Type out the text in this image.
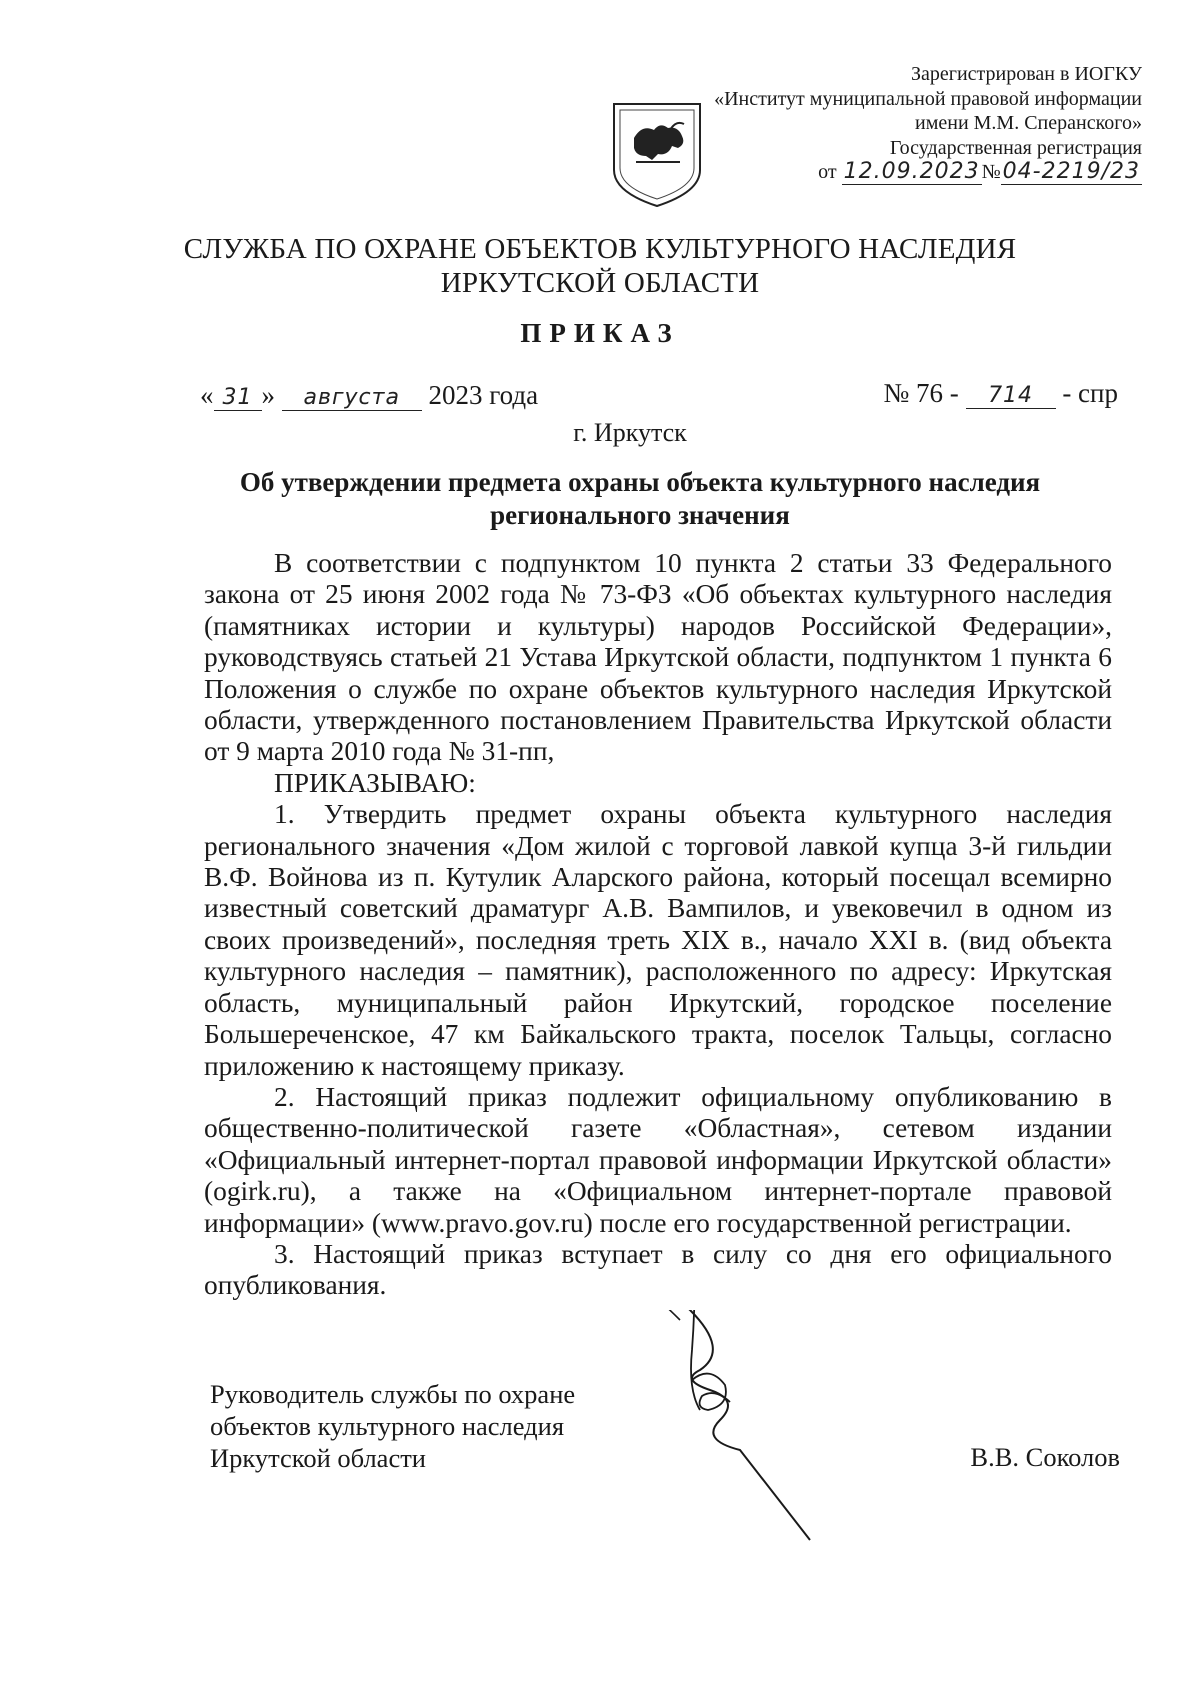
Зарегистрирован в ИОГКУ
«Институт муниципальной правовой информации
имени М.М. Сперанского»
Государственная регистрация
от 12.09.2023 №04-2219/23
СЛУЖБА ПО ОХРАНЕ ОБЪЕКТОВ КУЛЬТУРНОГО НАСЛЕДИЯ
ИРКУТСКОЙ ОБЛАСТИ
ПРИКАЗ
« 31 » августа 2023 года	№ 76 - 714 - спр
г. Иркутск
Об утверждении предмета охраны объекта культурного наследия
регионального значения

В соответствии с подпунктом 10 пункта 2 статьи 33 Федерального закона от 25 июня 2002 года № 73-ФЗ «Об объектах культурного наследия (памятниках истории и культуры) народов Российской Федерации», руководствуясь статьей 21 Устава Иркутской области, подпунктом 1 пункта 6 Положения о службе по охране объектов культурного наследия Иркутской области, утвержденного постановлением Правительства Иркутской области от 9 марта 2010 года № 31-пп,

ПРИКАЗЫВАЮ:

1. Утвердить предмет охраны объекта культурного наследия регионального значения «Дом жилой с торговой лавкой купца 3-й гильдии В.Ф. Войнова из п. Кутулик Аларского района, который посещал всемирно известный советский драматург А.В. Вампилов, и увековечил в одном из своих произведений», последняя треть XIX в., начало XXI в. (вид объекта культурного наследия – памятник), расположенного по адресу: Иркутская область, муниципальный район Иркутский, городское поселение Большереченское, 47 км Байкальского тракта, поселок Тальцы, согласно приложению к настоящему приказу.

2. Настоящий приказ подлежит официальному опубликованию в общественно-политической газете «Областная», сетевом издании «Официальный интернет-портал правовой информации Иркутской области» (ogirk.ru), а также на «Официальном интернет-портале правовой информации» (www.pravo.gov.ru) после его государственной регистрации.

3. Настоящий приказ вступает в силу со дня его официального опубликования.

Руководитель службы по охране
объектов культурного наследия
Иркутской области	В.В. Соколов
